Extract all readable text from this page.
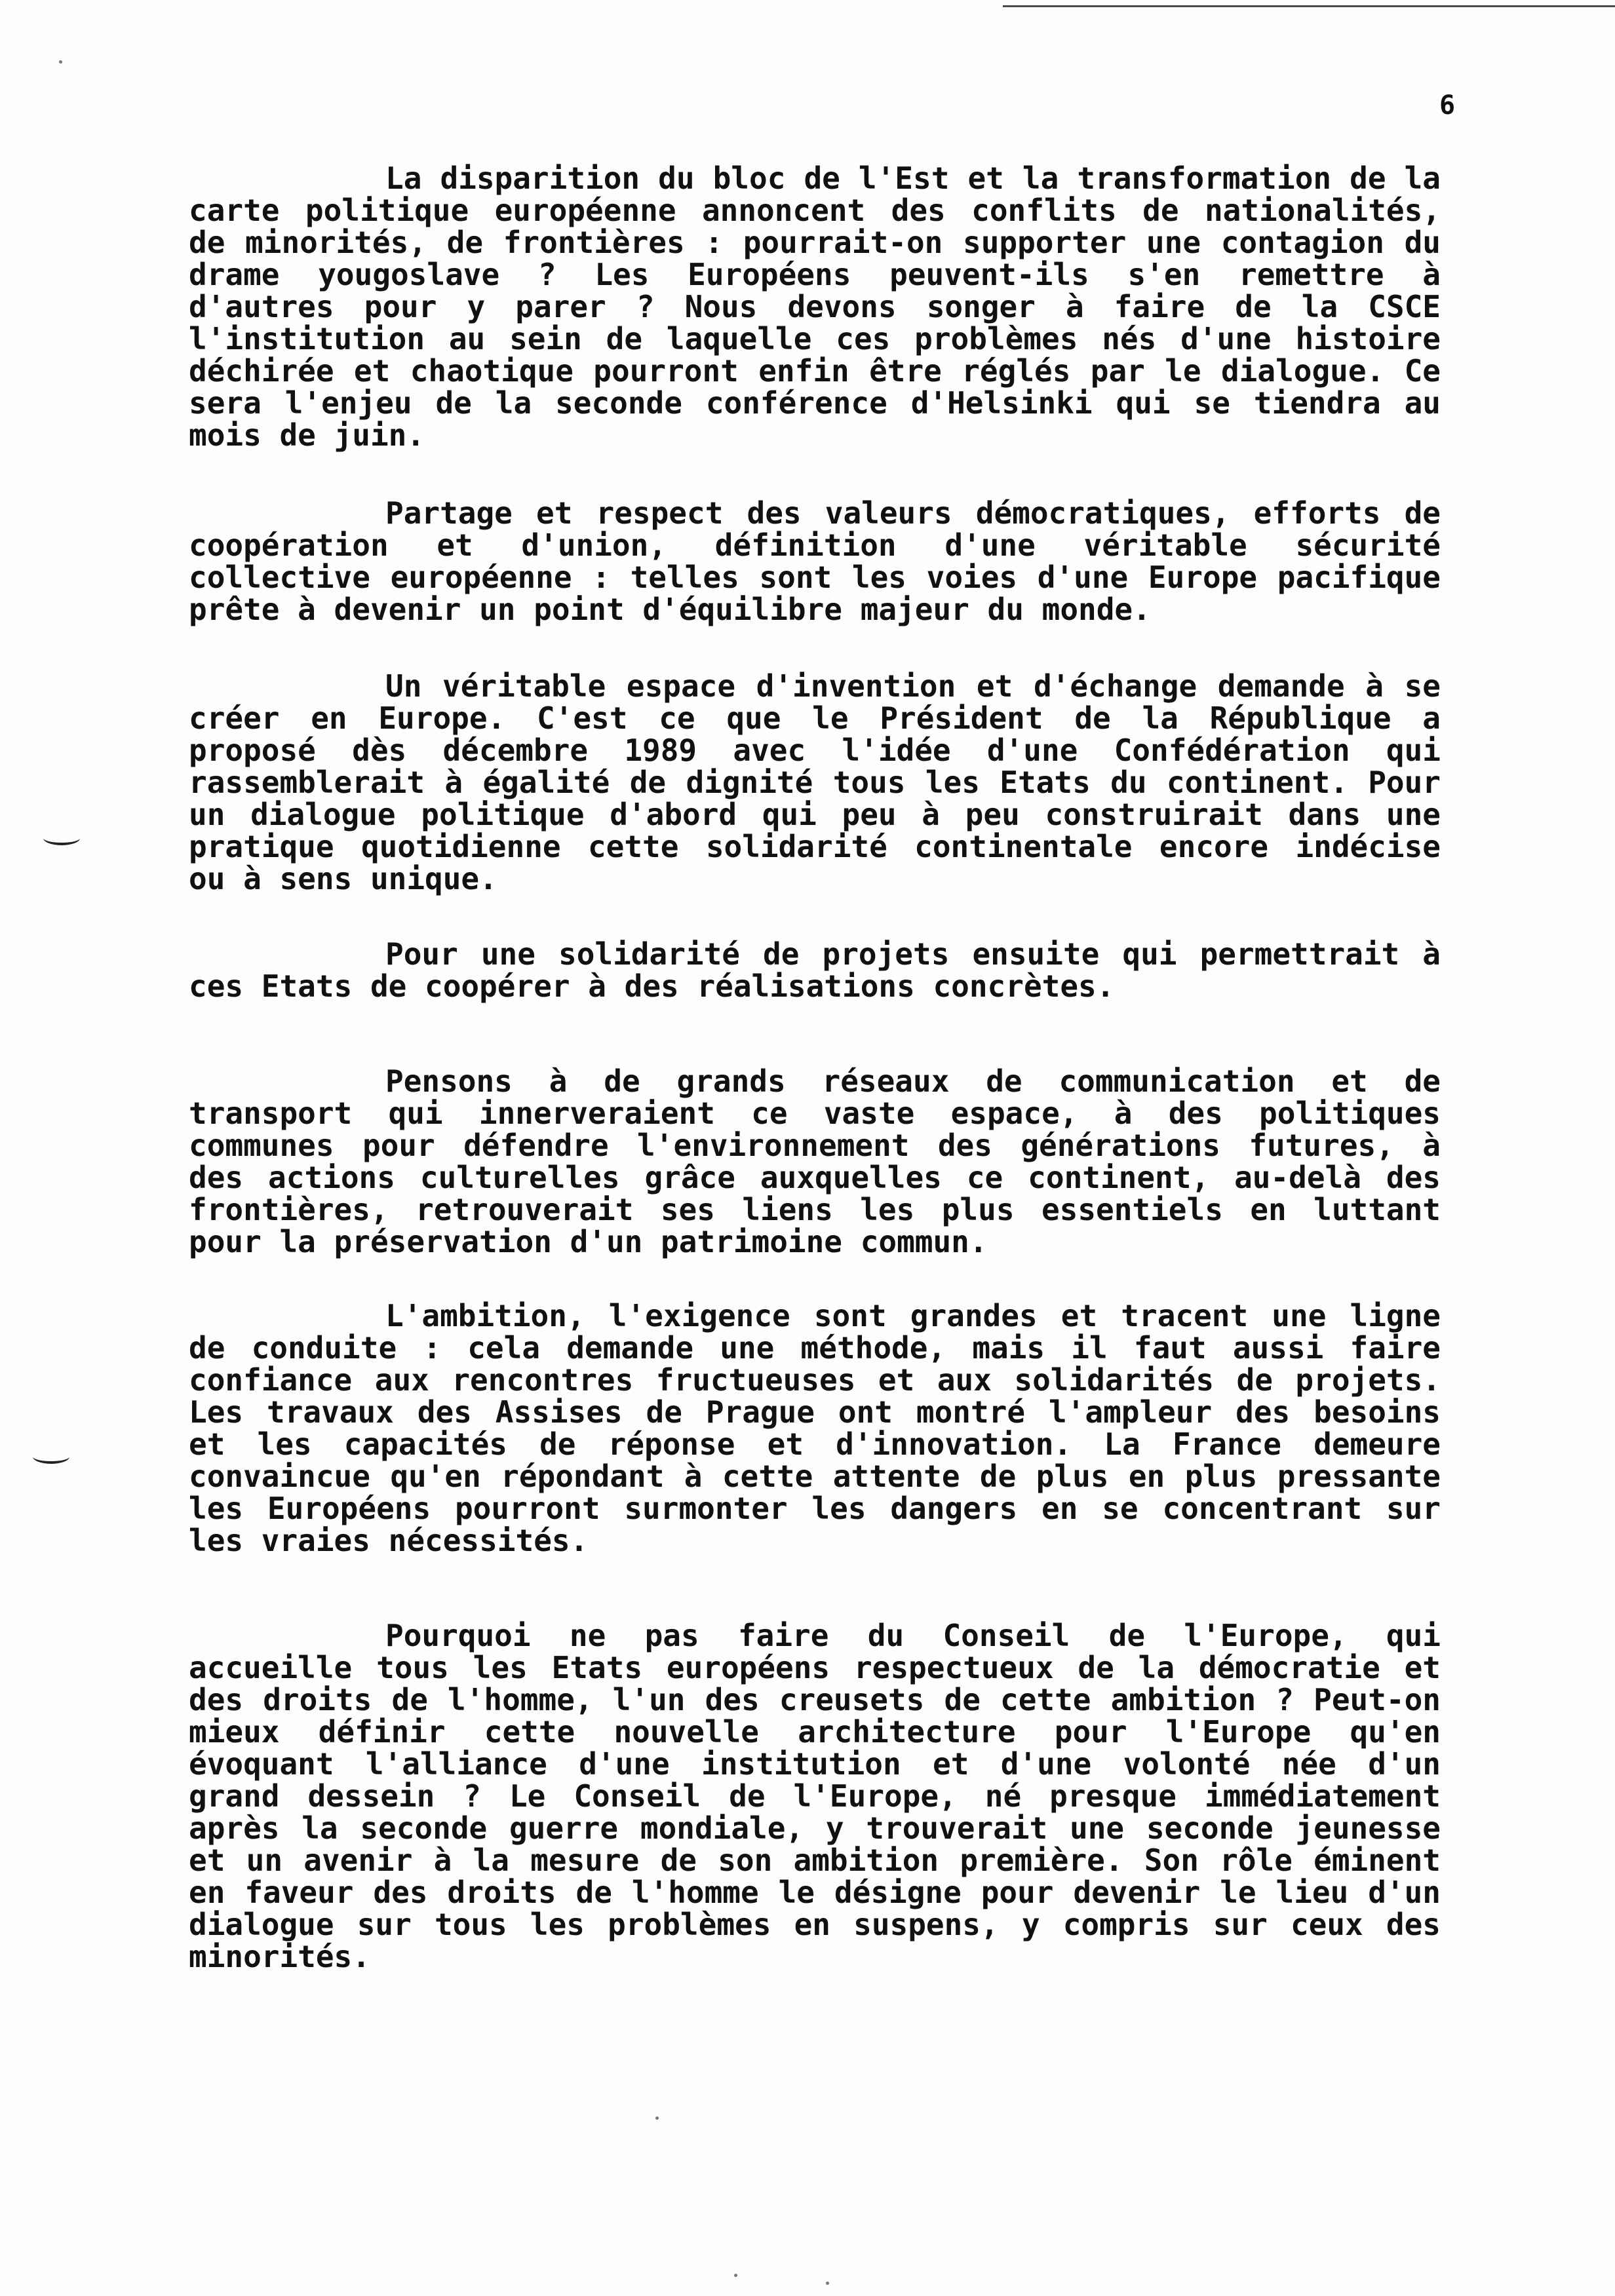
6

La disparition du bloc de l'Est et la transformation de la carte politique européenne annoncent des conflits de nationalités, de minorités, de frontières : pourrait-on supporter une contagion du drame yougoslave ? Les Européens peuvent-ils s'en remettre à d'autres pour y parer ? Nous devons songer à faire de la CSCE l'institution au sein de laquelle ces problèmes nés d'une histoire déchirée et chaotique pourront enfin être réglés par le dialogue. Ce sera l'enjeu de la seconde conférence d'Helsinki qui se tiendra au mois de juin.

Partage et respect des valeurs démocratiques, efforts de coopération et d'union, définition d'une véritable sécurité collective européenne : telles sont les voies d'une Europe pacifique prête à devenir un point d'équilibre majeur du monde.

Un véritable espace d'invention et d'échange demande à se créer en Europe. C'est ce que le Président de la République a proposé dès décembre 1989 avec l'idée d'une Confédération qui rassemblerait à égalité de dignité tous les Etats du continent. Pour un dialogue politique d'abord qui peu à peu construirait dans une pratique quotidienne cette solidarité continentale encore indécise ou à sens unique.

Pour une solidarité de projets ensuite qui permettrait à ces Etats de coopérer à des réalisations concrètes.

Pensons à de grands réseaux de communication et de transport qui innerveraient ce vaste espace, à des politiques communes pour défendre l'environnement des générations futures, à des actions culturelles grâce auxquelles ce continent, au-delà des frontières, retrouverait ses liens les plus essentiels en luttant pour la préservation d'un patrimoine commun.

L'ambition, l'exigence sont grandes et tracent une ligne de conduite : cela demande une méthode, mais il faut aussi faire confiance aux rencontres fructueuses et aux solidarités de projets. Les travaux des Assises de Prague ont montré l'ampleur des besoins et les capacités de réponse et d'innovation. La France demeure convaincue qu'en répondant à cette attente de plus en plus pressante les Européens pourront surmonter les dangers en se concentrant sur les vraies nécessités.

Pourquoi ne pas faire du Conseil de l'Europe, qui accueille tous les Etats européens respectueux de la démocratie et des droits de l'homme, l'un des creusets de cette ambition ? Peut-on mieux définir cette nouvelle architecture pour l'Europe qu'en évoquant l'alliance d'une institution et d'une volonté née d'un grand dessein ? Le Conseil de l'Europe, né presque immédiatement après la seconde guerre mondiale, y trouverait une seconde jeunesse et un avenir à la mesure de son ambition première. Son rôle éminent en faveur des droits de l'homme le désigne pour devenir le lieu d'un dialogue sur tous les problèmes en suspens, y compris sur ceux des minorités.
